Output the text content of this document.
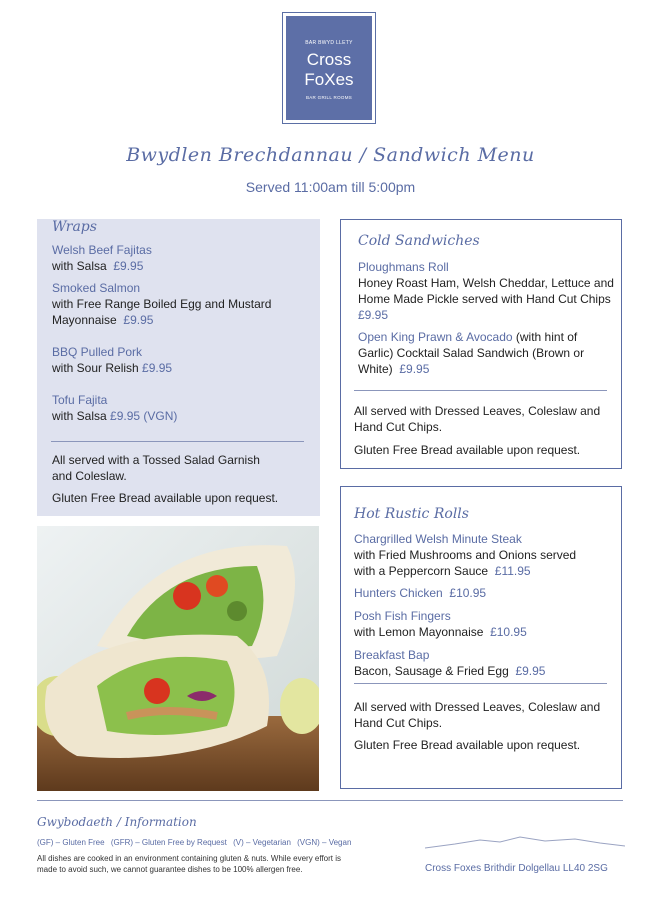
BAR BWYD LLETY
Cross
FoXes
BAR GRILL ROOMS
Bwydlen Brechdannau / Sandwich Menu
Served 11:00am till 5:00pm
Wraps
Welsh Beef Fajitas
with Salsa £9.95
Smoked Salmon
with Free Range Boiled Egg and Mustard
Mayonnaise £9.95
BBQ Pulled Pork
with Sour Relish £9.95
Tofu Fajita
with Salsa £9.95 (VGN)
All served with a Tossed Salad Garnish
and Coleslaw.
Gluten Free Bread available upon request.
Cold Sandwiches
Ploughmans Roll
Honey Roast Ham, Welsh Cheddar, Lettuce and
Home Made Pickle served with Hand Cut Chips
£9.95
Open King Prawn & Avocado (with hint of
Garlic) Cocktail Salad Sandwich (Brown or
White) £9.95
All served with Dressed Leaves, Coleslaw and
Hand Cut Chips.
Gluten Free Bread available upon request.
Hot Rustic Rolls
Chargrilled Welsh Minute Steak
with Fried Mushrooms and Onions served
with a Peppercorn Sauce £11.95
Hunters Chicken £10.95
Posh Fish Fingers
with Lemon Mayonnaise £10.95
Breakfast Bap
Bacon, Sausage & Fried Egg £9.95
All served with Dressed Leaves, Coleslaw and
Hand Cut Chips.
Gluten Free Bread available upon request.
Gwybodaeth / Information
(GF) – Gluten Free (GFR) – Gluten Free by Request (V) – Vegetarian (VGN) – Vegan
All dishes are cooked in an environment containing gluten & nuts. While every effort is
made to avoid such, we cannot guarantee dishes to be 100% allergen free.	Cross Foxes Brithdir Dolgellau LL40 2SG
